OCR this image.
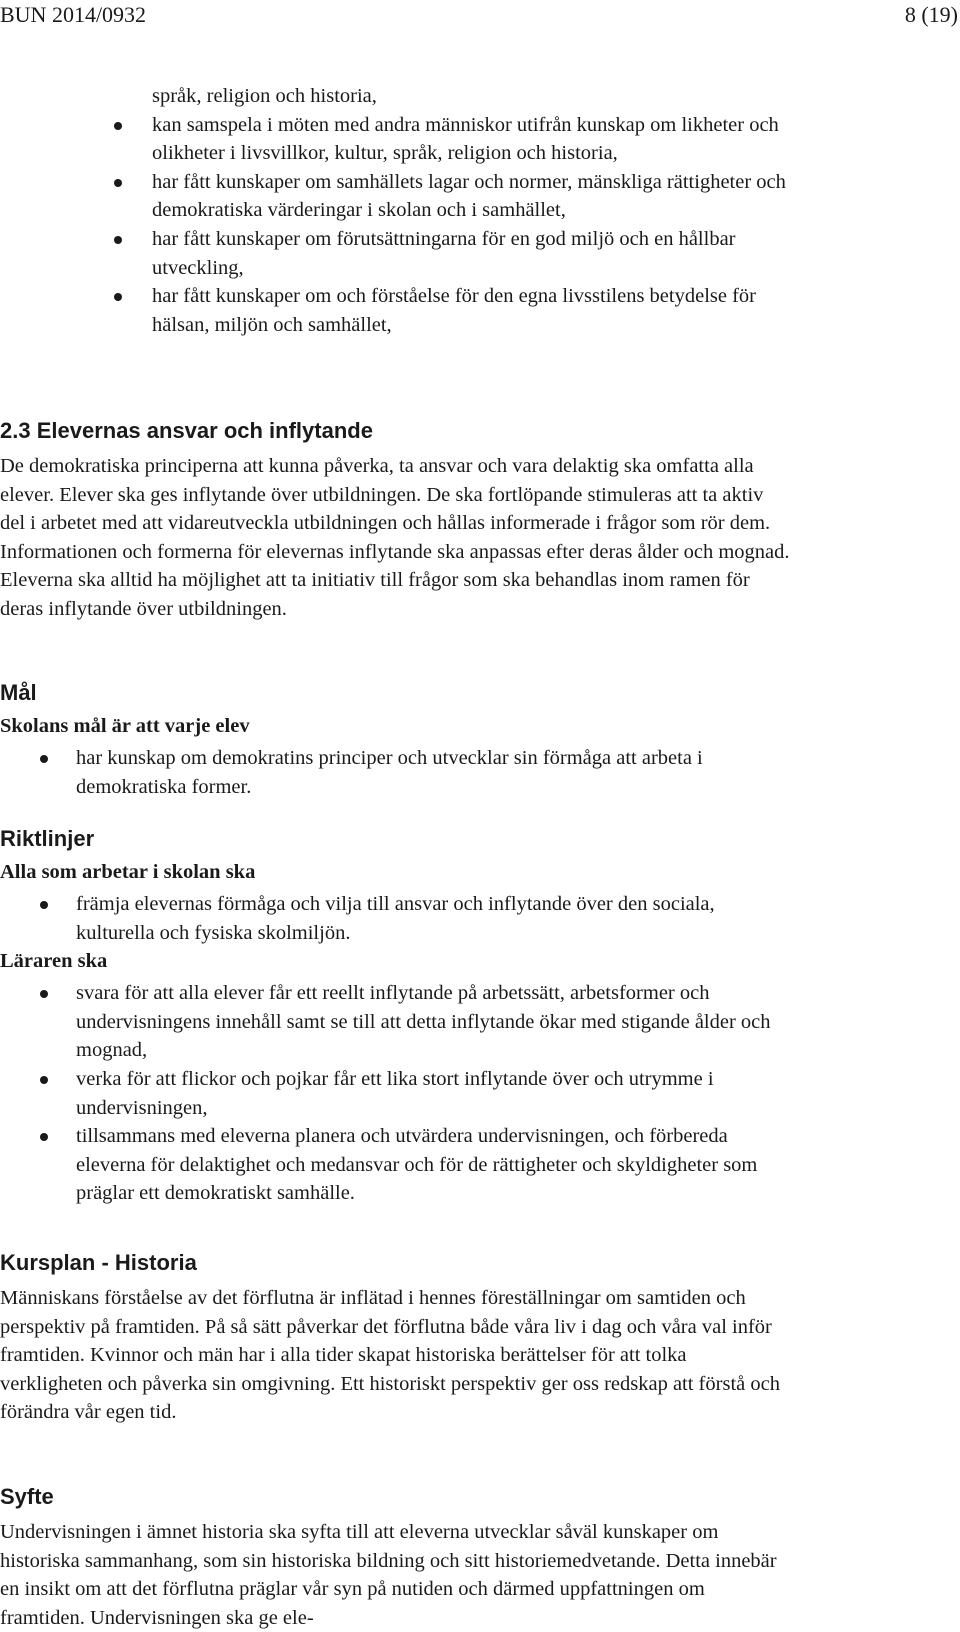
BUN 2014/0932	8 (19)
språk, religion och historia,
kan samspela i möten med andra människor utifrån kunskap om likheter och olikheter i livsvillkor, kultur, språk, religion och historia,
har fått kunskaper om samhällets lagar och normer, mänskliga rättigheter och demokratiska värderingar i skolan och i samhället,
har fått kunskaper om förutsättningarna för en god miljö och en hållbar utveckling,
har fått kunskaper om och förståelse för den egna livsstilens betydelse för hälsan, miljön och samhället,
2.3 Elevernas ansvar och inflytande

De demokratiska principerna att kunna påverka, ta ansvar och vara delaktig ska omfatta alla elever. Elever ska ges inflytande över utbildningen. De ska fortlöpande stimuleras att ta aktiv del i arbetet med att vidareutveckla utbildningen och hållas informerade i frågor som rör dem. Informationen och formerna för elevernas inflytande ska anpassas efter deras ålder och mognad. Eleverna ska alltid ha möjlighet att ta initiativ till frågor som ska behandlas inom ramen för deras inflytande över utbildningen.

Mål
Skolans mål är att varje elev
har kunskap om demokratins principer och utvecklar sin förmåga att arbeta i demokratiska former.
Riktlinjer
Alla som arbetar i skolan ska
främja elevernas förmåga och vilja till ansvar och inflytande över den sociala, kulturella och fysiska skolmiljön.
Läraren ska
svara för att alla elever får ett reellt inflytande på arbetssätt, arbetsformer och undervisningens innehåll samt se till att detta inflytande ökar med stigande ålder och mognad,
verka för att flickor och pojkar får ett lika stort inflytande över och utrymme i undervisningen,
tillsammans med eleverna planera och utvärdera undervisningen, och förbereda eleverna för delaktighet och medansvar och för de rättigheter och skyldigheter som präglar ett demokratiskt samhälle.
Kursplan - Historia

Människans förståelse av det förflutna är inflätad i hennes föreställningar om samtiden och perspektiv på framtiden. På så sätt påverkar det förflutna både våra liv i dag och våra val inför framtiden. Kvinnor och män har i alla tider skapat historiska berättelser för att tolka verkligheten och påverka sin omgivning. Ett historiskt perspektiv ger oss redskap att förstå och förändra vår egen tid.

Syfte

Undervisningen i ämnet historia ska syfta till att eleverna utvecklar såväl kunskaper om historiska sammanhang, som sin historiska bildning och sitt historiemedvetande. Detta innebär en insikt om att det förflutna präglar vår syn på nutiden och därmed uppfattningen om framtiden. Undervisningen ska ge ele-
